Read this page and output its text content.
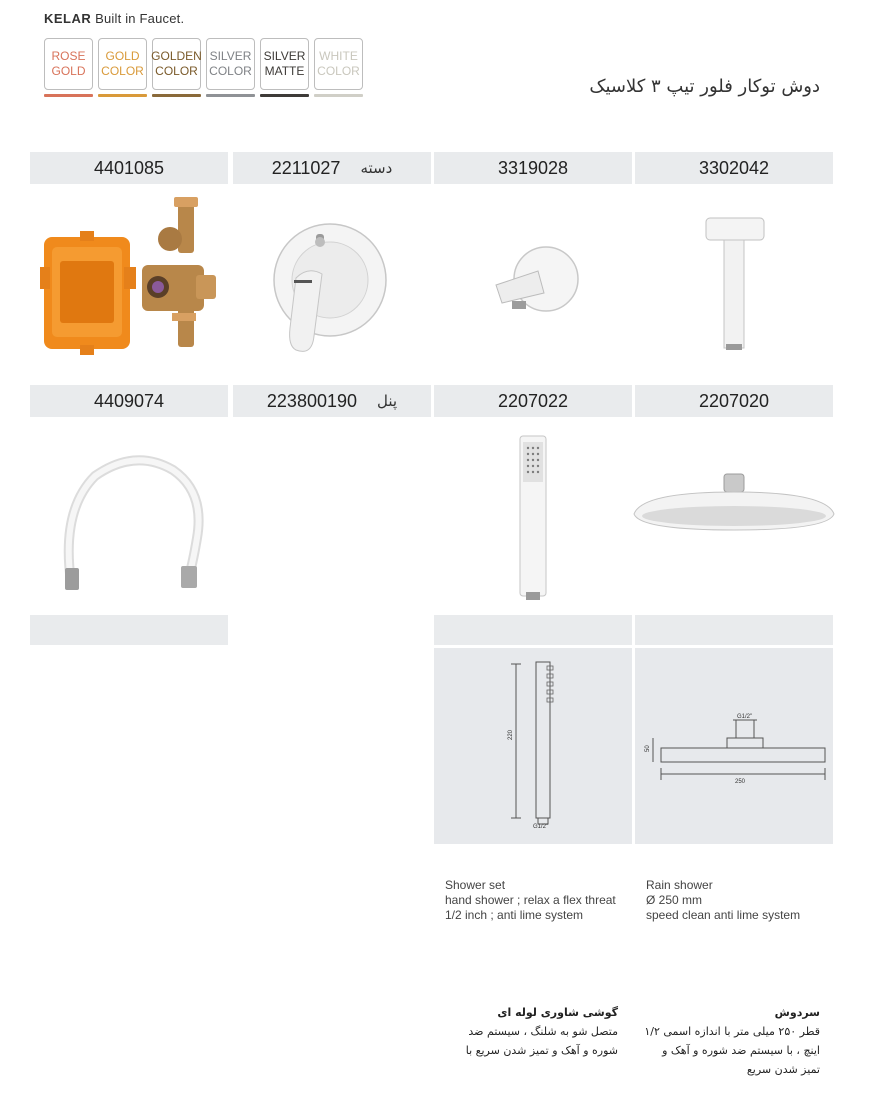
KELAR Built in Faucet.
ROSE
GOLD
GOLD
COLOR
GOLDEN
COLOR
SILVER
COLOR
SILVER
MATTE
WHITE
COLOR
دوش توکار فلور تیپ ۳ کلاسیک
4401085	2211027 دسته	3319028	3302042
4409074	223800190 پنل	2207022	2207020
220
G1/2"
G1/2"
50
250
Shower set
hand shower ; relax a flex threat
1/2 inch ; anti lime system
Rain shower
Ø 250 mm
speed clean anti lime system
گوشی شاوری لوله ای
متصل شو به شلنگ ، سیستم ضد
شوره و آهک و تمیز شدن سریع با
سردوش
قطر ۲۵۰ میلی متر با اندازه اسمی ۱/۲
اینچ ، با سیستم ضد شوره و آهک و
تمیز شدن سریع
